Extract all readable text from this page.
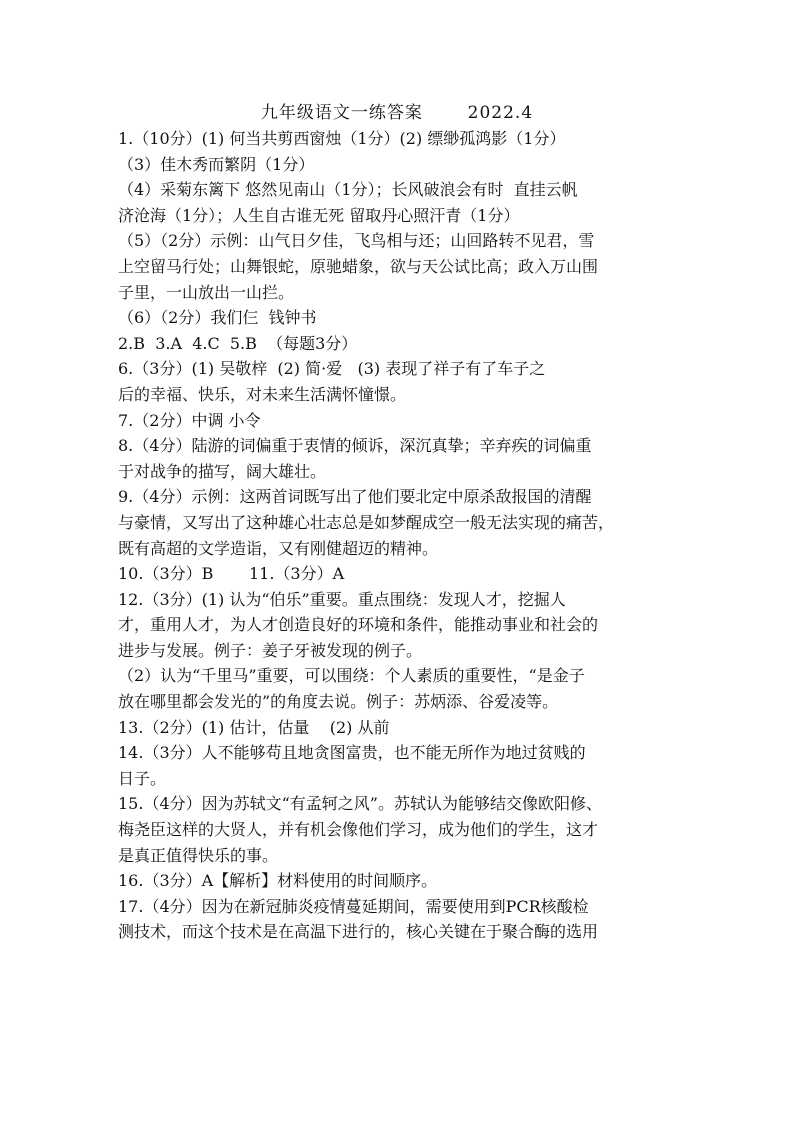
九年级语文一练答案       2022.4
1.（10分）(1) 何当共剪西窗烛（1分）(2) 缥缈孤鸿影（1分）
（3）佳木秀而繁阴（1分）
（4）采菊东篱下 悠然见南山（1分）；长风破浪会有时  直挂云帆
济沧海（1分）；人生自古谁无死 留取丹心照汗青（1分）
（5）（2分）示例：山气日夕佳，飞鸟相与还；山回路转不见君，雪
上空留马行处；山舞银蛇，原驰蜡象，欲与天公试比高；政入万山围
子里，一山放出一山拦。
（6）（2分）我们仨  钱钟书
2.B  3.A  4.C  5.B  （每题3分）
6.（3分）(1) 吴敬梓  (2) 简·爱   (3) 表现了祥子有了车子之
后的幸福、快乐，对未来生活满怀憧憬。
7.（2分）中调 小令
8.（4分）陆游的词偏重于衷情的倾诉，深沉真挚；辛弃疾的词偏重
于对战争的描写，阔大雄壮。
9.（4分）示例：这两首词既写出了他们要北定中原杀敌报国的清醒
与豪情，又写出了这种雄心壮志总是如梦醒成空一般无法实现的痛苦，
既有高超的文学造诣，又有刚健超迈的精神。
10.（3分）B       11.（3分）A
12.（3分）(1) 认为“伯乐”重要。重点围绕：发现人才，挖掘人
才，重用人才，为人才创造良好的环境和条件，能推动事业和社会的
进步与发展。例子：姜子牙被发现的例子。
（2）认为“千里马”重要，可以围绕：个人素质的重要性，“是金子
放在哪里都会发光的”的角度去说。例子：苏炳添、谷爱凌等。
13.（2分）(1) 估计，估量    (2) 从前
14.（3分）人不能够苟且地贪图富贵，也不能无所作为地过贫贱的
日子。
15.（4分）因为苏轼文“有孟轲之风”。苏轼认为能够结交像欧阳修、
梅尧臣这样的大贤人，并有机会像他们学习，成为他们的学生，这才
是真正值得快乐的事。
16.（3分）A【解析】材料使用的时间顺序。
17.（4分）因为在新冠肺炎疫情蔓延期间，需要使用到PCR核酸检
测技术，而这个技术是在高温下进行的，核心关键在于聚合酶的选用
